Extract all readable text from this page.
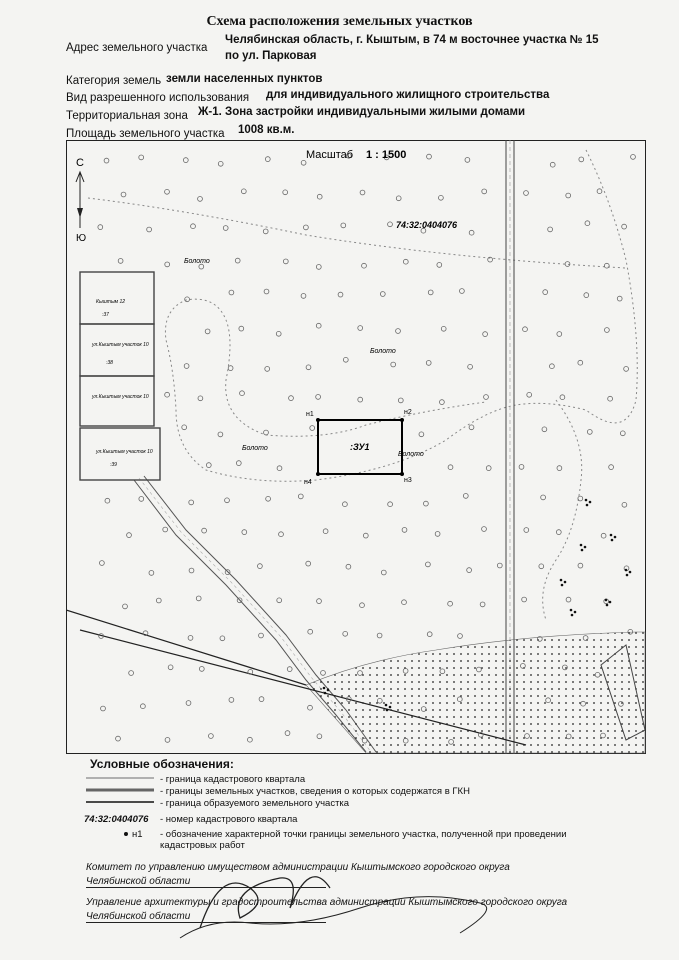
Схема расположения земельных участков
Адрес земельного участка
Челябинская область, г. Кыштым, в 74 м восточнее участка № 15
по ул. Парковая
Категория земель земли населенных пунктов
Вид разрешенного использования для индивидуального жилищного строительства
Территориальная зона Ж-1. Зона застройки индивидуальными жилыми домами
Площадь земельного участка 1008 кв.м.
Кыштым 12
:37
ул.Кыштым участок 10
:38
ул.Кыштым участок 10
ул.Кыштым участок 10
:39
С
Ю
Масштаб 1 : 1500
74:32:0404076
Болото
Болото
Болото
Болото
:ЗУ1
н1	н2
н3
н4
Условные обозначения:
- граница кадастрового квартала
- границы земельных участков, сведения о которых содержатся в ГКН
- граница образуемого земельного участка
74:32:0404076 - номер кадастрового квартала
н1 - обозначение характерной точки границы земельного участка, полученной при проведении
кадастровых работ
Комитет по управлению имуществом администрации Кыштымского городского округа
Челябинской области
Управление архитектуры и градостроительства администрации Кыштымского городского округа
Челябинской области
